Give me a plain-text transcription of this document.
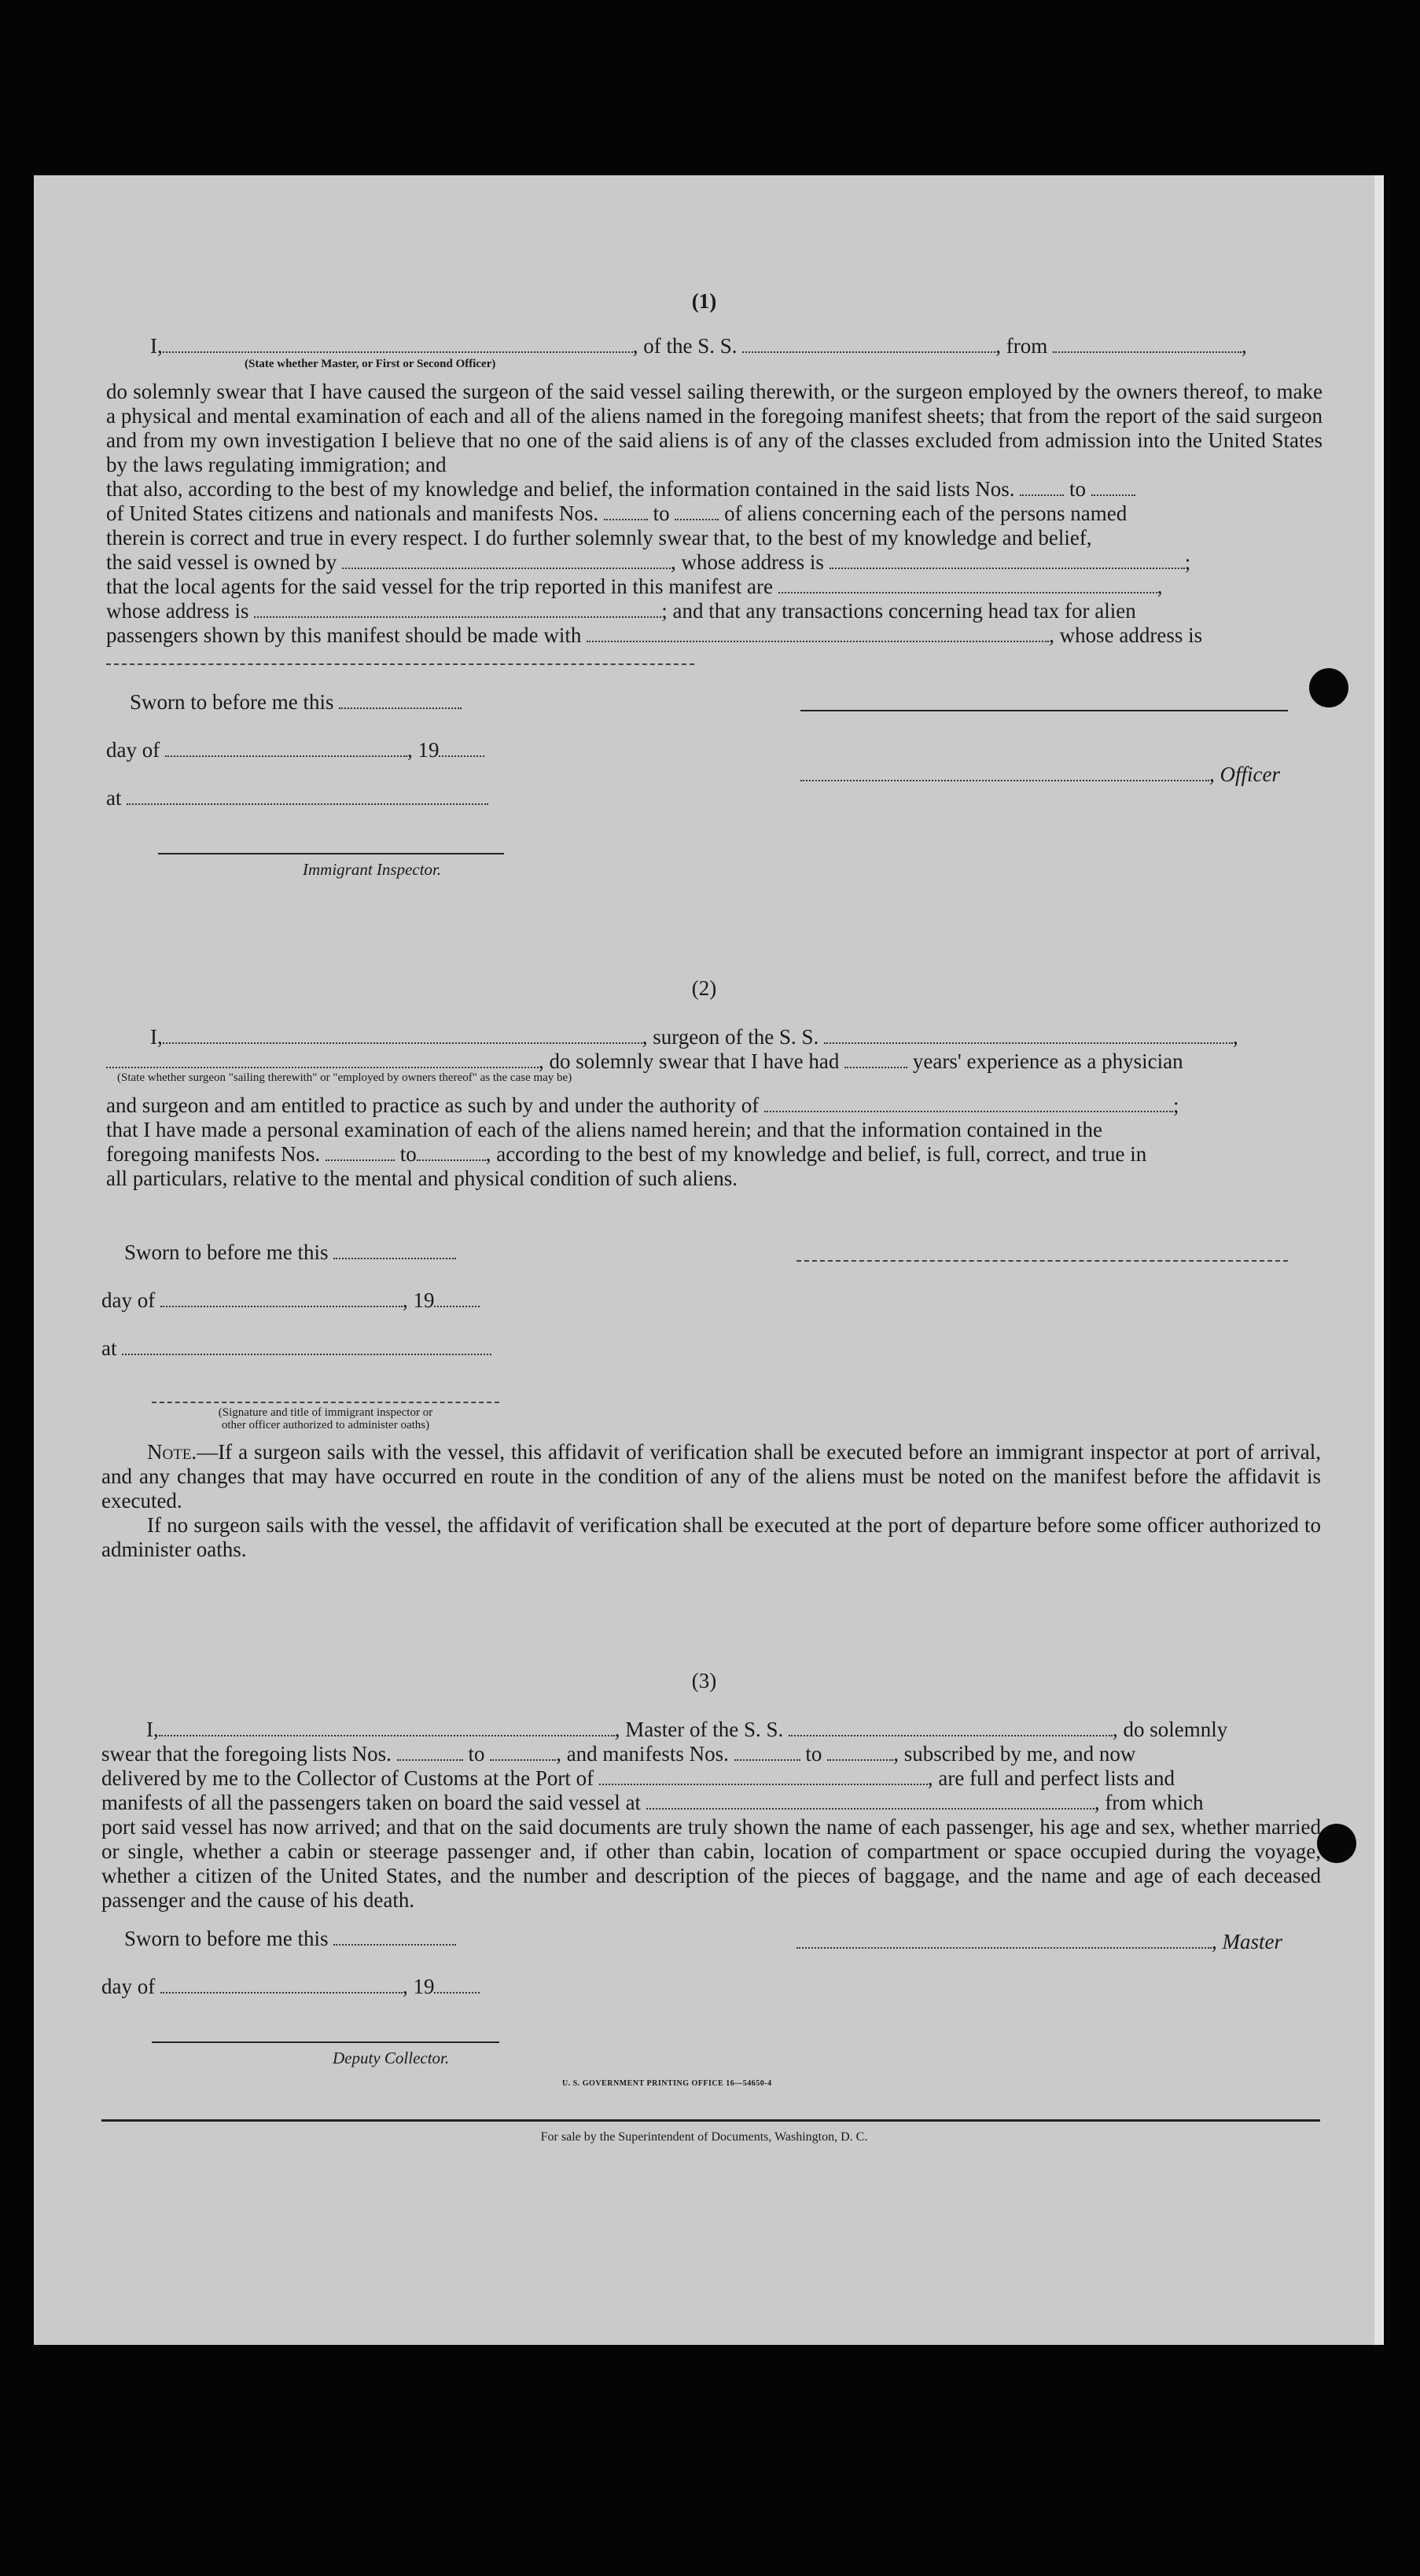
(1)
I,	, of the S. S.	, from	,
(State whether Master, or First or Second Officer)
do solemnly swear that I have caused the surgeon of the said vessel sailing therewith, or the surgeon employed by the owners thereof, to make a physical and mental examination of each and all of the aliens named in the foregoing manifest sheets; that from the report of the said surgeon and from my own investigation I believe that no one of the said aliens is of any of the classes excluded from admission into the United States by the laws regulating immigration; and
that also, according to the best of my knowledge and belief, the information contained in the said lists Nos.	to
of United States citizens and nationals and manifests Nos.	to	of aliens concerning each of the persons named
therein is correct and true in every respect. I do further solemnly swear that, to the best of my knowledge and belief,
the said vessel is owned by	, whose address is	;
that the local agents for the said vessel for the trip reported in this manifest are	,
whose address is	; and that any transactions concerning head tax for alien
passengers shown by this manifest should be made with	, whose address is
Sworn to before me this
day of	, 19
, Officer
at
Immigrant Inspector.
(2)
I,	, surgeon of the S. S.	,
, do solemnly swear that I have had	years' experience as a physician
(State whether surgeon "sailing therewith" or "employed by owners thereof" as the case may be)
and surgeon and am entitled to practice as such by and under the authority of	;
that I have made a personal examination of each of the aliens named herein; and that the information contained in the
foregoing manifests Nos.	to	, according to the best of my knowledge and belief, is full, correct, and true in
all particulars, relative to the mental and physical condition of such aliens.
Sworn to before me this
day of	, 19
at
(Signature and title of immigrant inspector or
other officer authorized to administer oaths)
Note.—If a surgeon sails with the vessel, this affidavit of verification shall be executed before an immigrant inspector at port of arrival, and any changes that may have occurred en route in the condition of any of the aliens must be noted on the manifest before the affidavit is executed.
If no surgeon sails with the vessel, the affidavit of verification shall be executed at the port of departure before some officer authorized to administer oaths.
(3)
I,	, Master of the S. S.	, do solemnly
swear that the foregoing lists Nos.	to	, and manifests Nos.	to	, subscribed by me, and now
delivered by me to the Collector of Customs at the Port of	, are full and perfect lists and
manifests of all the passengers taken on board the said vessel at	, from which
port said vessel has now arrived; and that on the said documents are truly shown the name of each passenger, his age and sex, whether married or single, whether a cabin or steerage passenger and, if other than cabin, location of compartment or space occupied during the voyage, whether a citizen of the United States, and the number and description of the pieces of baggage, and the name and age of each deceased passenger and the cause of his death.
Sworn to before me this	, Master
day of	, 19
Deputy Collector.
U. S. GOVERNMENT PRINTING OFFICE 16—54650-4
For sale by the Superintendent of Documents, Washington, D. C.
